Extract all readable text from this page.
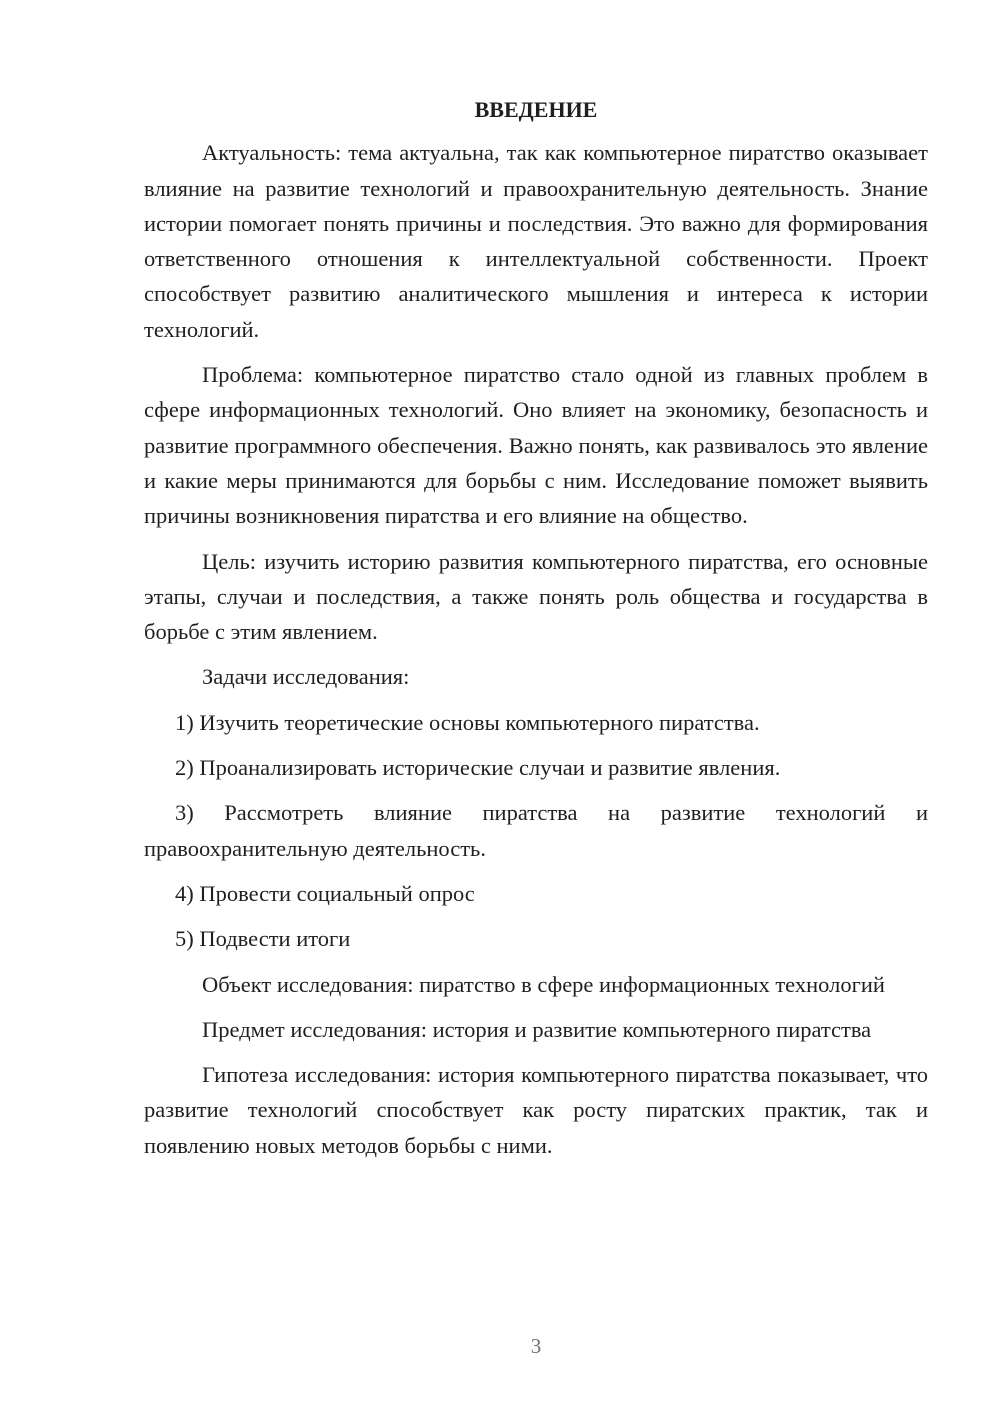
ВВЕДЕНИЕ

Актуальность: тема актуальна, так как компьютерное пиратство оказывает влияние на развитие технологий и правоохранительную деятельность. Знание истории помогает понять причины и последствия. Это важно для формирования ответственного отношения к интеллектуальной собственности. Проект способствует развитию аналитического мышления и интереса к истории технологий.

Проблема: компьютерное пиратство стало одной из главных проблем в сфере информационных технологий. Оно влияет на экономику, безопасность и развитие программного обеспечения. Важно понять, как развивалось это явление и какие меры принимаются для борьбы с ним. Исследование поможет выявить причины возникновения пиратства и его влияние на общество.

Цель: изучить историю развития компьютерного пиратства, его основные этапы, случаи и последствия, а также понять роль общества и государства в борьбе с этим явлением.

Задачи исследования:

1) Изучить теоретические основы компьютерного пиратства.

2) Проанализировать исторические случаи и развитие явления.

3) Рассмотреть влияние пиратства на развитие технологий и правоохранительную деятельность.

4) Провести социальный опрос

5) Подвести итоги

Объект исследования: пиратство в сфере информационных технологий

Предмет исследования: история и развитие компьютерного пиратства

Гипотеза исследования: история компьютерного пиратства показывает, что развитие технологий способствует как росту пиратских практик, так и появлению новых методов борьбы с ними.

3
